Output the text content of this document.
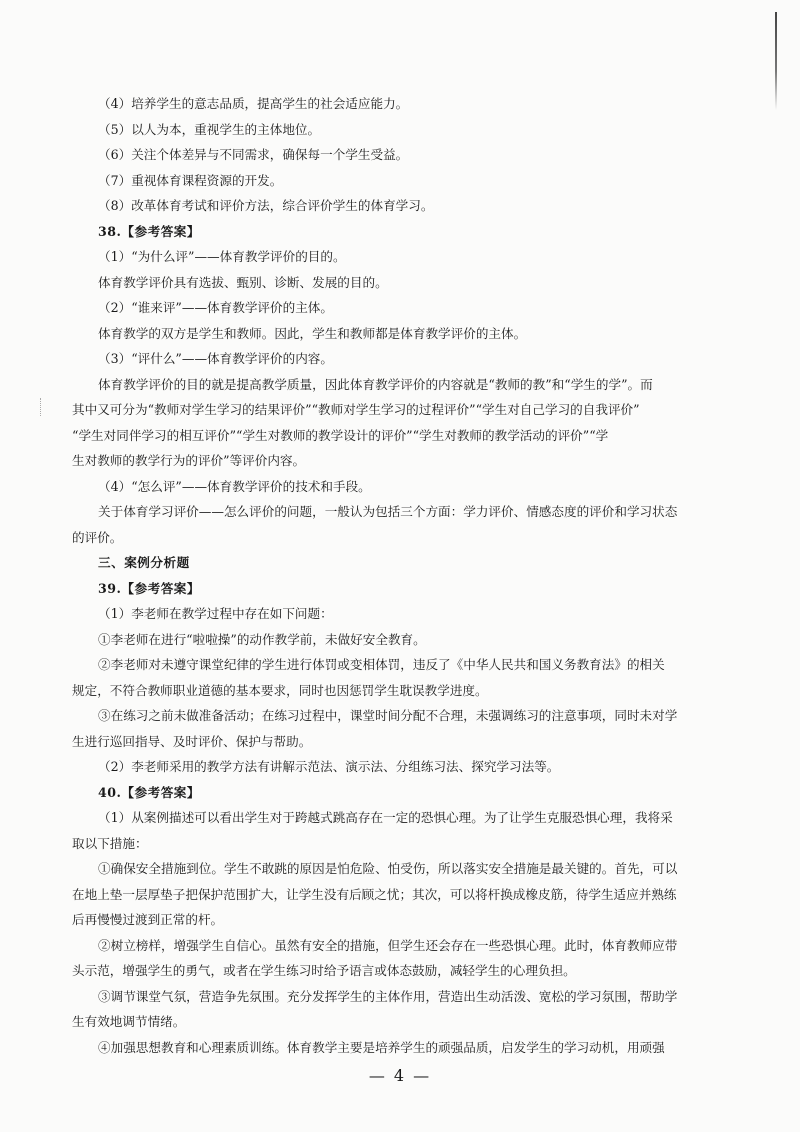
（4）培养学生的意志品质，提高学生的社会适应能力。
（5）以人为本，重视学生的主体地位。
（6）关注个体差异与不同需求，确保每一个学生受益。
（7）重视体育课程资源的开发。
（8）改革体育考试和评价方法，综合评价学生的体育学习。
38.【参考答案】
（1）“为什么评”——体育教学评价的目的。
体育教学评价具有选拔、甄别、诊断、发展的目的。
（2）“谁来评”——体育教学评价的主体。
体育教学的双方是学生和教师。因此，学生和教师都是体育教学评价的主体。
（3）“评什么”——体育教学评价的内容。
体育教学评价的目的就是提高教学质量，因此体育教学评价的内容就是“教师的教”和“学生的学”。而
其中又可分为“教师对学生学习的结果评价”“教师对学生学习的过程评价”“学生对自己学习的自我评价”
“学生对同伴学习的相互评价”“学生对教师的教学设计的评价”“学生对教师的教学活动的评价”“学
生对教师的教学行为的评价”等评价内容。
（4）“怎么评”——体育教学评价的技术和手段。
关于体育学习评价——怎么评价的问题，一般认为包括三个方面：学力评价、情感态度的评价和学习状态
的评价。
三、案例分析题
39.【参考答案】
（1）李老师在教学过程中存在如下问题：
①李老师在进行“啦啦操”的动作教学前，未做好安全教育。
②李老师对未遵守课堂纪律的学生进行体罚或变相体罚，违反了《中华人民共和国义务教育法》的相关
规定，不符合教师职业道德的基本要求，同时也因惩罚学生耽误教学进度。
③在练习之前未做准备活动；在练习过程中，课堂时间分配不合理，未强调练习的注意事项，同时未对学
生进行巡回指导、及时评价、保护与帮助。
（2）李老师采用的教学方法有讲解示范法、演示法、分组练习法、探究学习法等。
40.【参考答案】
（1）从案例描述可以看出学生对于跨越式跳高存在一定的恐惧心理。为了让学生克服恐惧心理，我将采
取以下措施：
①确保安全措施到位。学生不敢跳的原因是怕危险、怕受伤，所以落实安全措施是最关键的。首先，可以
在地上垫一层厚垫子把保护范围扩大，让学生没有后顾之忧；其次，可以将杆换成橡皮筋，待学生适应并熟练
后再慢慢过渡到正常的杆。
②树立榜样，增强学生自信心。虽然有安全的措施，但学生还会存在一些恐惧心理。此时，体育教师应带
头示范，增强学生的勇气，或者在学生练习时给予语言或体态鼓励，减轻学生的心理负担。
③调节课堂气氛，营造争先氛围。充分发挥学生的主体作用，营造出生动活泼、宽松的学习氛围，帮助学
生有效地调节情绪。
④加强思想教育和心理素质训练。体育教学主要是培养学生的顽强品质，启发学生的学习动机，用顽强
— 4 —
